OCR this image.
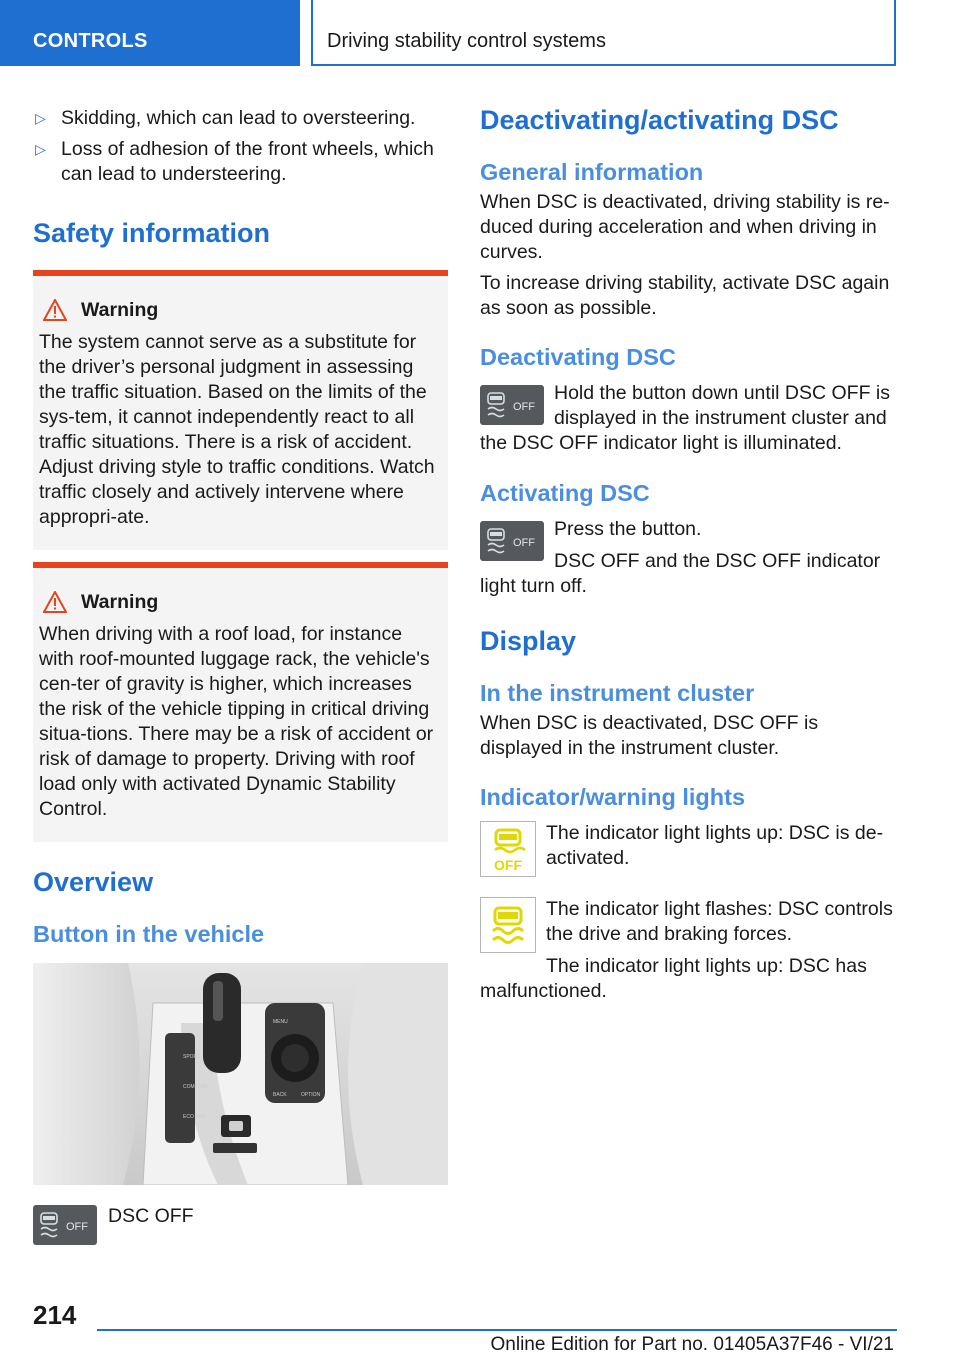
CONTROLS	Driving stability control systems
▷ Skidding, which can lead to oversteering.
▷ Loss of adhesion of the front wheels, which can lead to understeering.
Safety information
Warning

The system cannot serve as a substitute for the driver’s personal judgment in assessing the traffic situation. Based on the limits of the sys-tem, it cannot independently react to all traffic situations. There is a risk of accident. Adjust driving style to traffic conditions. Watch traffic closely and actively intervene where appropri-ate.

Warning

When driving with a roof load, for instance with roof-mounted luggage rack, the vehicle's cen-ter of gravity is higher, which increases the risk of the vehicle tipping in critical driving situa-tions. There may be a risk of accident or risk of damage to property. Driving with roof load only with activated Dynamic Stability Control.

Overview
Button in the vehicle
SPORT
COMFORT
ECO PRO
MENU
BACK	OPTION
OFF DSC OFF
Deactivating/activating DSC
General information

When DSC is deactivated, driving stability is re-duced during acceleration and when driving in curves.

To increase driving stability, activate DSC again as soon as possible.

Deactivating DSC
OFF

Hold the button down until DSC OFF is

displayed in the instrument cluster and

the DSC OFF indicator light is illuminated.

Activating DSC
OFF

Press the button.

DSC OFF and the DSC OFF indicator

light turn off.

Display
In the instrument cluster

When DSC is deactivated, DSC OFF is displayed in the instrument cluster.

Indicator/warning lights
OFF

The indicator light lights up: DSC is de-

activated.

The indicator light flashes: DSC controls

the drive and braking forces.

The indicator light lights up: DSC has

malfunctioned.

214
Online Edition for Part no. 01405A37F46 - VI/21
